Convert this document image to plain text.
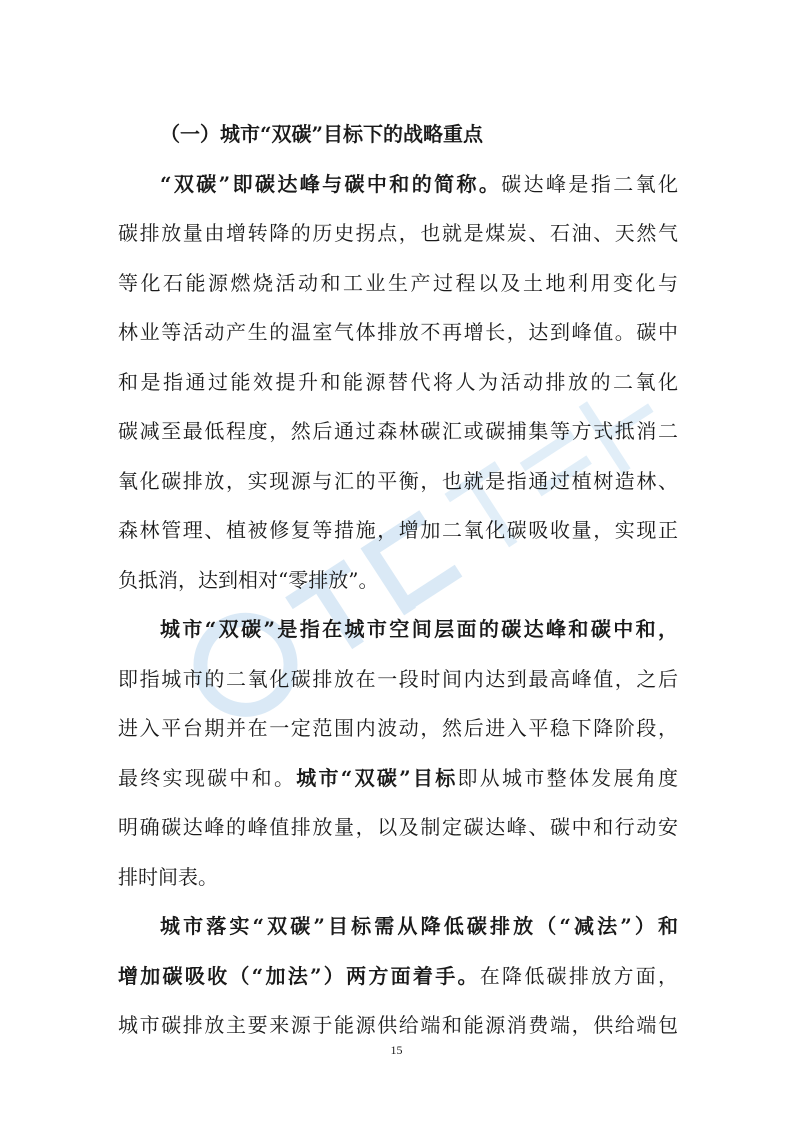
（一）城市“双碳”目标下的战略重点
“双碳”即碳达峰与碳中和的简称。碳达峰是指二氧化
碳排放量由增转降的历史拐点，也就是煤炭、石油、天然气
等化石能源燃烧活动和工业生产过程以及土地利用变化与
林业等活动产生的温室气体排放不再增长，达到峰值。碳中
和是指通过能效提升和能源替代将人为活动排放的二氧化
碳减至最低程度，然后通过森林碳汇或碳捕集等方式抵消二
氧化碳排放，实现源与汇的平衡，也就是指通过植树造林、
森林管理、植被修复等措施，增加二氧化碳吸收量，实现正
负抵消，达到相对“零排放”。
城市“双碳”是指在城市空间层面的碳达峰和碳中和，
即指城市的二氧化碳排放在一段时间内达到最高峰值，之后
进入平台期并在一定范围内波动，然后进入平稳下降阶段，
最终实现碳中和。城市“双碳”目标即从城市整体发展角度
明确碳达峰的峰值排放量，以及制定碳达峰、碳中和行动安
排时间表。
城市落实“双碳”目标需从降低碳排放（“减法”）和
增加碳吸收（“加法”）两方面着手。在降低碳排放方面，
城市碳排放主要来源于能源供给端和能源消费端，供给端包
15
